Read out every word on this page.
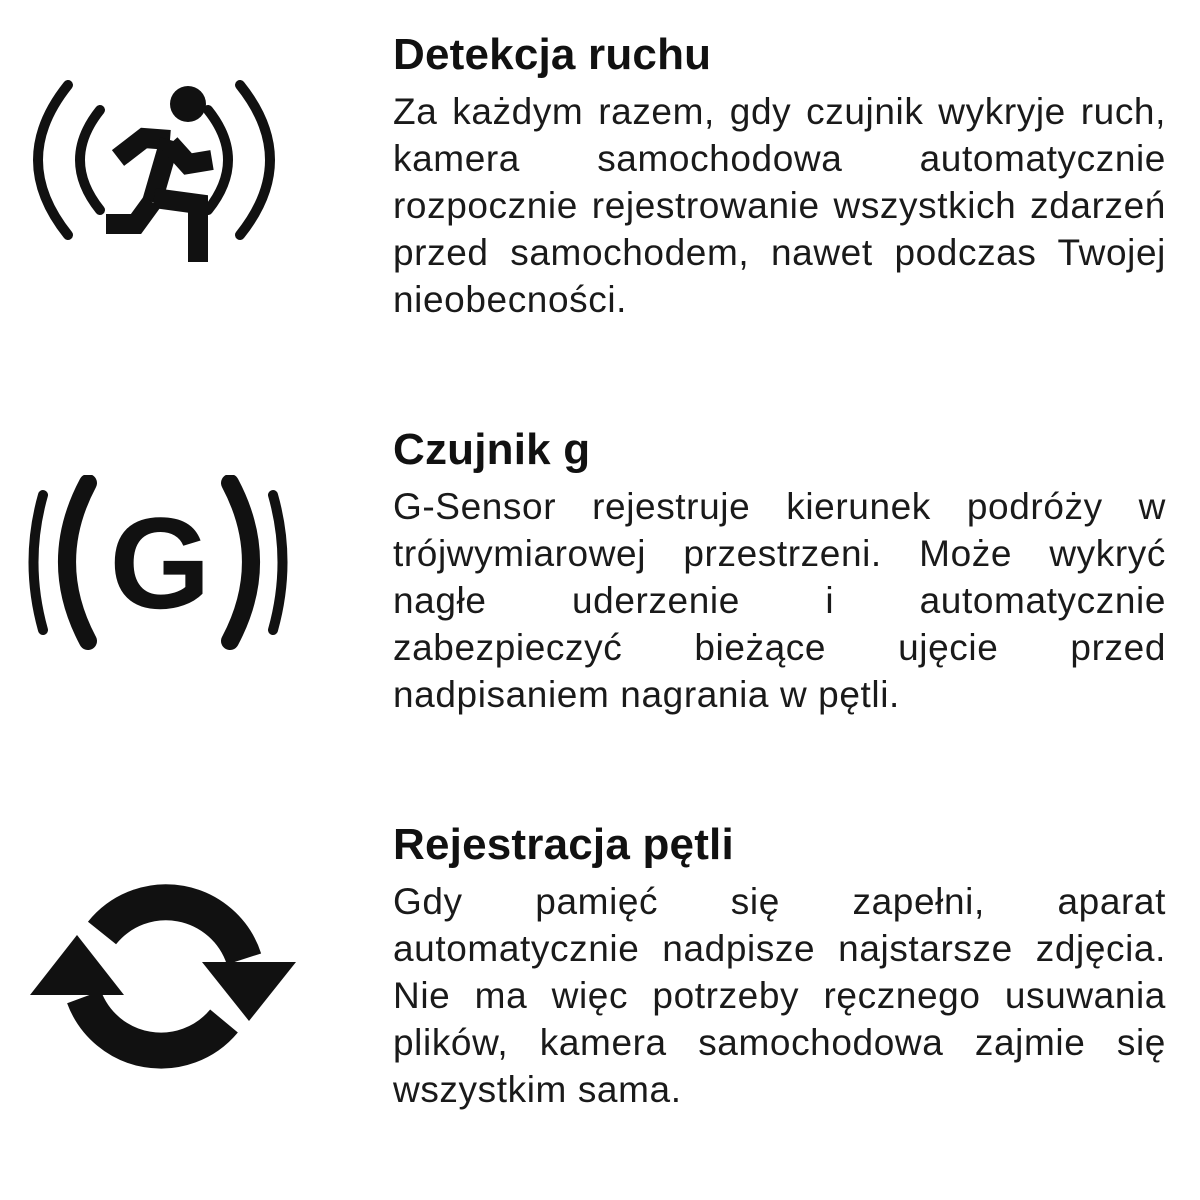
Detekcja ruchu

Za każdym razem, gdy czujnik wykryje ruch, kamera samochodowa automatycznie rozpocznie rejestrowanie wszystkich zdarzeń przed samochodem, nawet podczas Twojej nieobecności.

G
Czujnik g

G-Sensor rejestruje kierunek podróży w trójwymiarowej przestrzeni. Może wykryć nagłe uderzenie i automatycznie zabezpieczyć bieżące ujęcie przed nadpisaniem nagrania w pętli.

Rejestracja pętli

Gdy pamięć się zapełni, aparat automatycznie nadpisze najstarsze zdjęcia. Nie ma więc potrzeby ręcznego usuwania plików, kamera samochodowa zajmie się wszystkim sama.
